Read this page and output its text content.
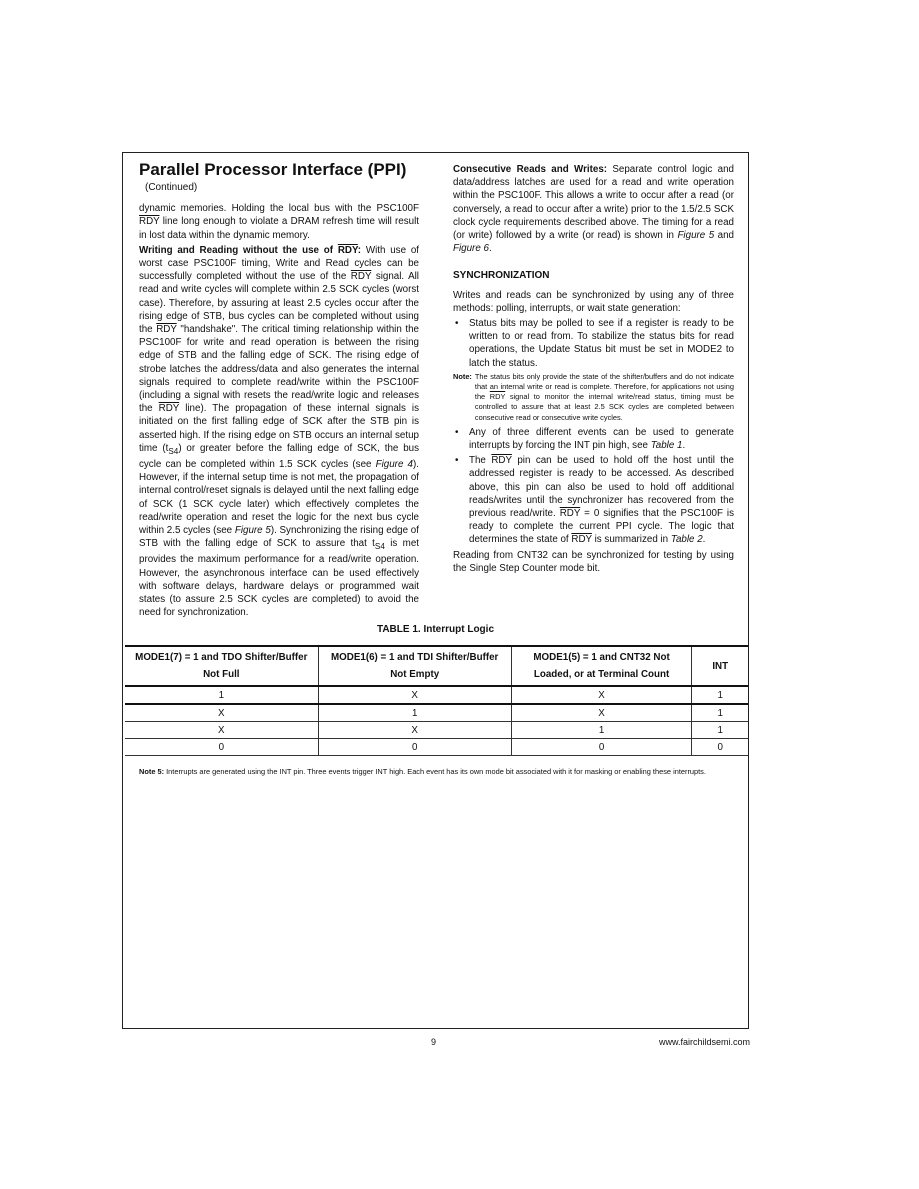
Parallel Processor Interface (PPI)
(Continued)

dynamic memories. Holding the local bus with the PSC100F $\overline{RDY}$ line long enough to violate a DRAM refresh time will result in lost data within the dynamic memory.

Writing and Reading without the use of $\overline{RDY}$: With use of worst case PSC100F timing, Write and Read cycles can be successfully completed without the use of the $\overline{RDY}$ signal. All read and write cycles will complete within 2.5 SCK cycles (worst case). Therefore, by assuring at least 2.5 cycles occur after the rising edge of STB, bus cycles can be completed without using the $\overline{RDY}$ "handshake". The critical timing relationship within the PSC100F for write and read operation is between the rising edge of STB and the falling edge of SCK. The rising edge of strobe latches the address/data and also generates the internal signals required to complete read/write within the PSC100F (including a signal with resets the read/write logic and releases the $\overline{RDY}$ line). The propagation of these internal signals is initiated on the first falling edge of SCK after the STB pin is asserted high. If the rising edge on STB occurs an internal setup time $(t_{S4})$ or greater before the falling edge of SCK, the bus cycle can be completed within 1.5 SCK cycles (see Figure 4). However, if the internal setup time is not met, the propagation of internal control/reset signals is delayed until the next falling edge of SCK (1 SCK cycle later) which effectively completes the read/write operation and reset the logic for the next bus cycle within 2.5 cycles (see Figure 5). Synchronizing the rising edge of STB with the falling edge of SCK to assure that $t_{S4}$ is met provides the maximum performance for a read/write operation. However, the asynchronous interface can be used effectively with software delays, hardware delays or programmed wait states (to assure 2.5 SCK cycles are completed) to avoid the need for synchronization.

Consecutive Reads and Writes: Separate control logic and data/address latches are used for a read and write operation within the PSC100F. This allows a write to occur after a read (or conversely, a read to occur after a write) prior to the 1.5/2.5 SCK clock cycle requirements described above. The timing for a read (or write) followed by a write (or read) is shown in Figure 5 and Figure 6.

SYNCHRONIZATION

Writes and reads can be synchronized by using any of three methods: polling, interrupts, or wait state generation:

• Status bits may be polled to see if a register is ready to be written to or read from. To stabilize the status bits for read operations, the Update Status bit must be set in MODE2 to latch the status.
Note: The status bits only provide the state of the shifter/buffers and do not indicate that an internal write or read is complete. Therefore, for applications not using the $\overline{RDY}$ signal to monitor the internal write/read status, timing must be controlled to assure that at least 2.5 SCK cycles are completed between consecutive read or consecutive write cycles.
• Any of three different events can be used to generate interrupts by forcing the INT pin high, see Table 1.
• The $\overline{RDY}$ pin can be used to hold off the host until the addressed register is ready to be accessed. As described above, this pin can also be used to hold off additional reads/writes until the synchronizer has recovered from the previous read/write. $\overline{RDY} = 0$ signifies that the PSC100F is ready to complete the current PPI cycle. The logic that determines the state of $\overline{RDY}$ is summarized in Table 2.

Reading from CNT32 can be synchronized for testing by using the Single Step Counter mode bit.

TABLE 1. Interrupt Logic
MODE1(7) = 1 and TDO Shifter/Buffer Not Full	MODE1(6) = 1 and TDI Shifter/Buffer Not Empty	MODE1(5) = 1 and CNT32 Not Loaded, or at Terminal Count	INT
1	X	X	1
X	1	X	1
X	X	1	1
0	0	0	0
Note 5: Interrupts are generated using the INT pin. Three events trigger INT high. Each event has its own mode bit associated with it for masking or enabling these interrupts.
9	www.fairchildsemi.com
